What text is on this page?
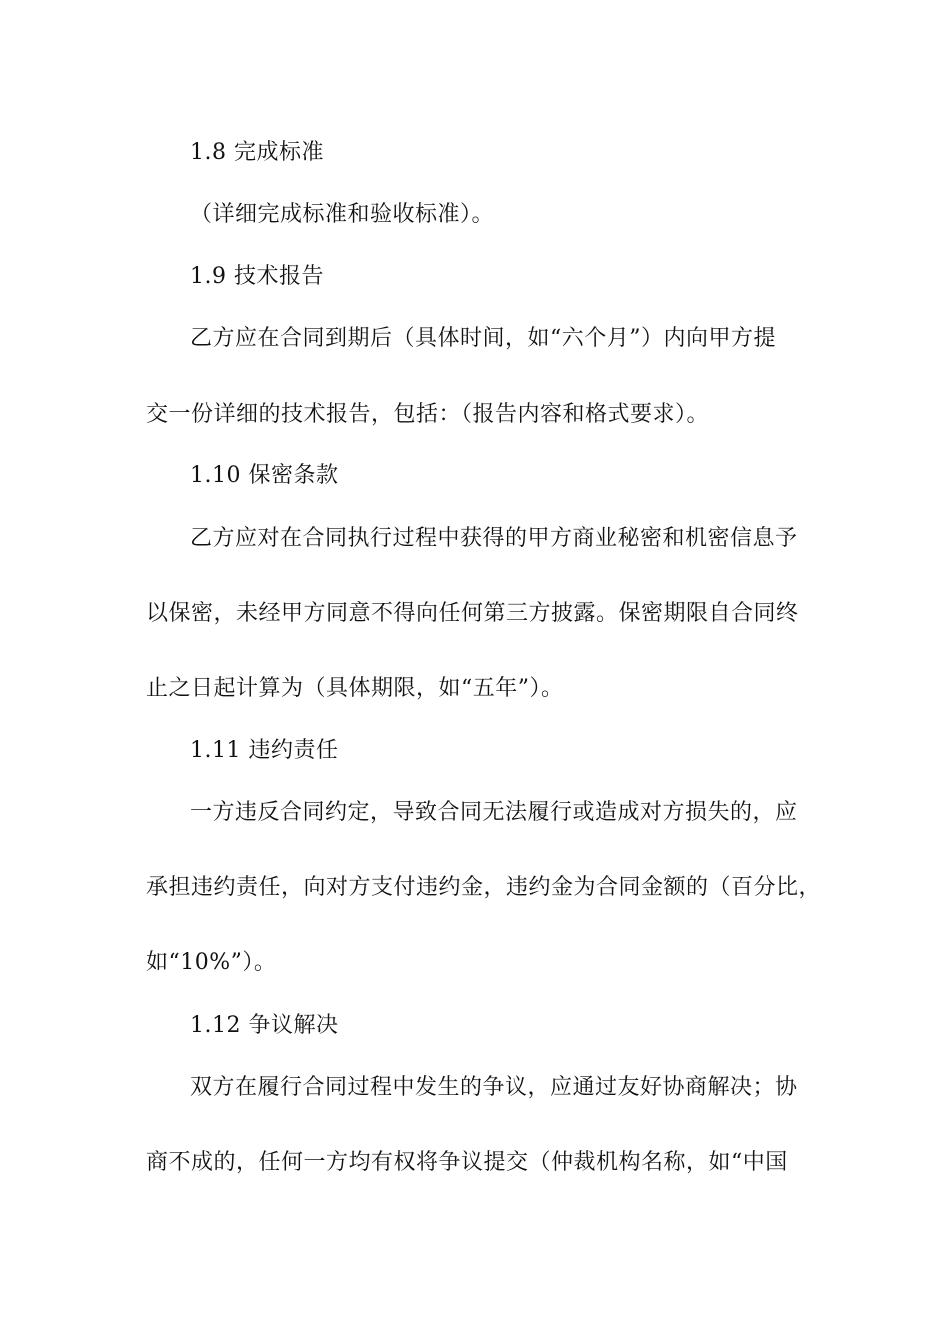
1.8 完成标准
（详细完成标准和验收标准）。
1.9 技术报告
乙方应在合同到期后（具体时间，如“六个月”）内向甲方提
交一份详细的技术报告，包括：（报告内容和格式要求）。
1.10 保密条款
乙方应对在合同执行过程中获得的甲方商业秘密和机密信息予
以保密，未经甲方同意不得向任何第三方披露。保密期限自合同终
止之日起计算为（具体期限，如“五年”）。
1.11 违约责任
一方违反合同约定，导致合同无法履行或造成对方损失的，应
承担违约责任，向对方支付违约金，违约金为合同金额的（百分比，
如“10%”）。
1.12 争议解决
双方在履行合同过程中发生的争议，应通过友好协商解决；协
商不成的，任何一方均有权将争议提交（仲裁机构名称，如“中国
